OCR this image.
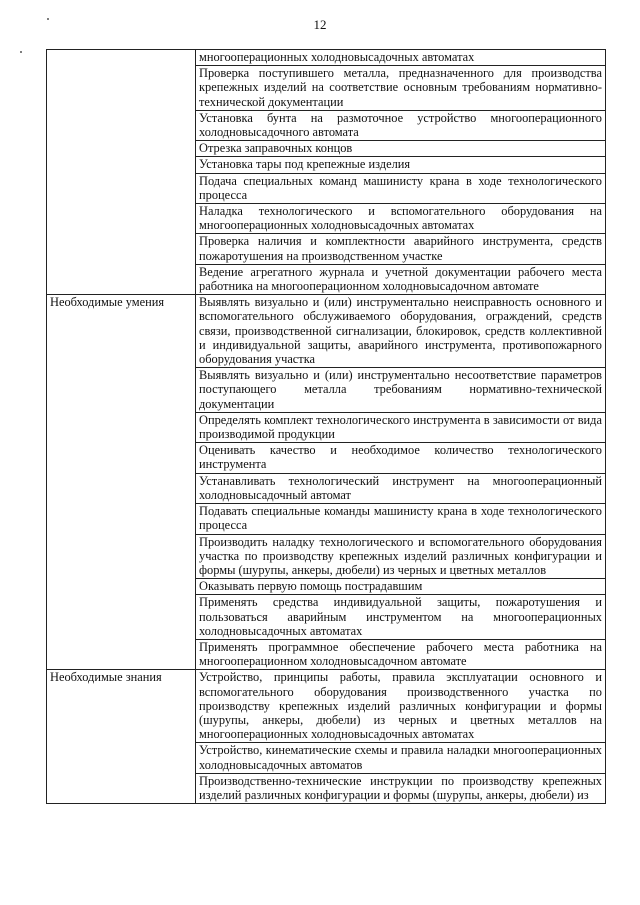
12
	многооперационных холодновысадочных автоматах
	Проверка поступившего металла, предназначенного для производства крепежных изделий на соответствие основным требованиям нормативно-технической документации
	Установка бунта на размоточное устройство многооперационного холодновысадочного автомата
	Отрезка заправочных концов
	Установка тары под крепежные изделия
	Подача специальных команд машинисту крана в ходе технологического процесса
	Наладка технологического и вспомогательного оборудования на многооперационных холодновысадочных автоматах
	Проверка наличия и комплектности аварийного инструмента, средств пожаротушения на производственном участке
	Ведение агрегатного журнала и учетной документации рабочего места работника на многооперационном холодновысадочном автомате
Необходимые умения	Выявлять визуально и (или) инструментально неисправность основного и вспомогательного обслуживаемого оборудования, ограждений, средств связи, производственной сигнализации, блокировок, средств коллективной и индивидуальной защиты, аварийного инструмента, противопожарного оборудования участка
	Выявлять визуально и (или) инструментально несоответствие параметров поступающего металла требованиям нормативно-технической документации
	Определять комплект технологического инструмента в зависимости от вида производимой продукции
	Оценивать качество и необходимое количество технологического инструмента
	Устанавливать технологический инструмент на многооперационный холодновысадочный автомат
	Подавать специальные команды машинисту крана в ходе технологического процесса
	Производить наладку технологического и вспомогательного оборудования участка по производству крепежных изделий различных конфигурации и формы (шурупы, анкеры, дюбели) из черных и цветных металлов
	Оказывать первую помощь пострадавшим
	Применять средства индивидуальной защиты, пожаротушения и пользоваться аварийным инструментом на многооперационных холодновысадочных автоматах
	Применять программное обеспечение рабочего места работника на многооперационном холодновысадочном автомате
Необходимые знания	Устройство, принципы работы, правила эксплуатации основного и вспомогательного оборудования производственного участка по производству крепежных изделий различных конфигурации и формы (шурупы, анкеры, дюбели) из черных и цветных металлов на многооперационных холодновысадочных автоматах
	Устройство, кинематические схемы и правила наладки многооперационных холодновысадочных автоматов
	Производственно-технические инструкции по производству крепежных изделий различных конфигурации и формы (шурупы, анкеры, дюбели) из
